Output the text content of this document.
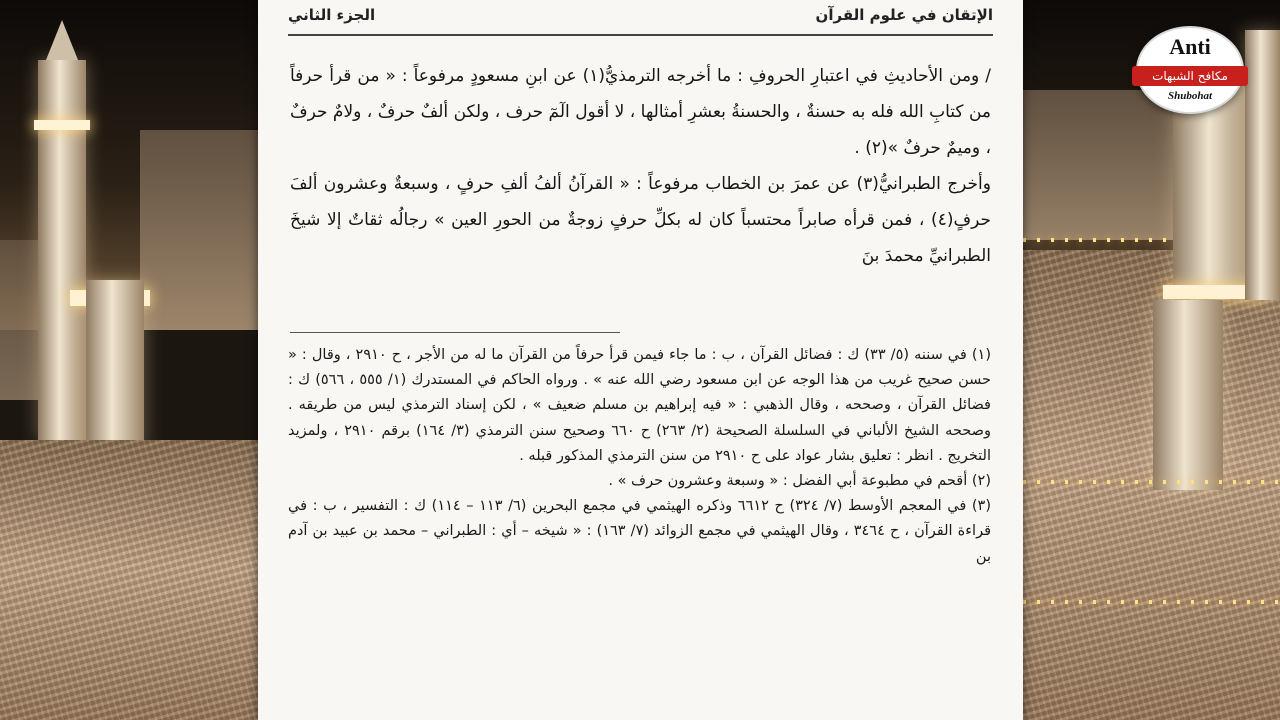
Anti
مكافح الشبهات
Shubohat
الإتقان في علوم القرآن
الجزء الثاني

/ ومن الأحاديثِ في اعتبارِ الحروفِ : ما أخرجه الترمذيُّ(١) عن ابنِ مسعودٍ مرفوعاً : « من قرأ حرفاً من كتابِ الله فله به حسنةٌ ، والحسنةُ بعشرِ أمثالها ، لا أقول الٓمٓ حرف ، ولكن ألفٌ حرفٌ ، ولامٌ حرفٌ ، وميمٌ حرفٌ »(٢) .

وأخرج الطبرانيُّ(٣) عن عمرَ بن الخطاب مرفوعاً : « القرآنُ ألفُ ألفِ حرفٍ ، وسبعةٌ وعشرون ألفَ حرفٍ(٤) ، فمن قرأه صابراً محتسباً كان له بكلِّ حرفٍ زوجةٌ من الحورِ العين » رجالُه ثقاتٌ إلا شيخَ الطبرانيِّ محمدَ بنَ

(١) في سننه (٥/ ٣٣) ك : فضائل القرآن ، ب : ما جاء فيمن قرأ حرفاً من القرآن ما له من الأجر ، ح ٢٩١٠ ، وقال : « حسن صحيح غريب من هذا الوجه عن ابن مسعود رضي الله عنه » . ورواه الحاكم في المستدرك (١/ ٥٥٥ ، ٥٦٦) ك : فضائل القرآن ، وصححه ، وقال الذهبي : « فيه إبراهيم بن مسلم ضعيف » ، لكن إسناد الترمذي ليس من طريقه . وصححه الشيخ الألباني في السلسلة الصحيحة (٢/ ٢٦٣) ح ٦٦٠ وصحيح سنن الترمذي (٣/ ١٦٤) برقم ٢٩١٠ ، ولمزيد التخريج . انظر : تعليق بشار عواد على ح ٢٩١٠ من سنن الترمذي المذكور قبله .

(٢) أقحم في مطبوعة أبي الفضل : « وسبعة وعشرون حرف » .

(٣) في المعجم الأوسط (٧/ ٣٢٤) ح ٦٦١٢ وذكره الهيثمي في مجمع البحرين (٦/ ١١٣ – ١١٤) ك : التفسير ، ب : في قراءة القرآن ، ح ٣٤٦٤ ، وقال الهيثمي في مجمع الزوائد (٧/ ١٦٣) : « شيخه – أي : الطبراني – محمد بن عبيد بن آدم بن
